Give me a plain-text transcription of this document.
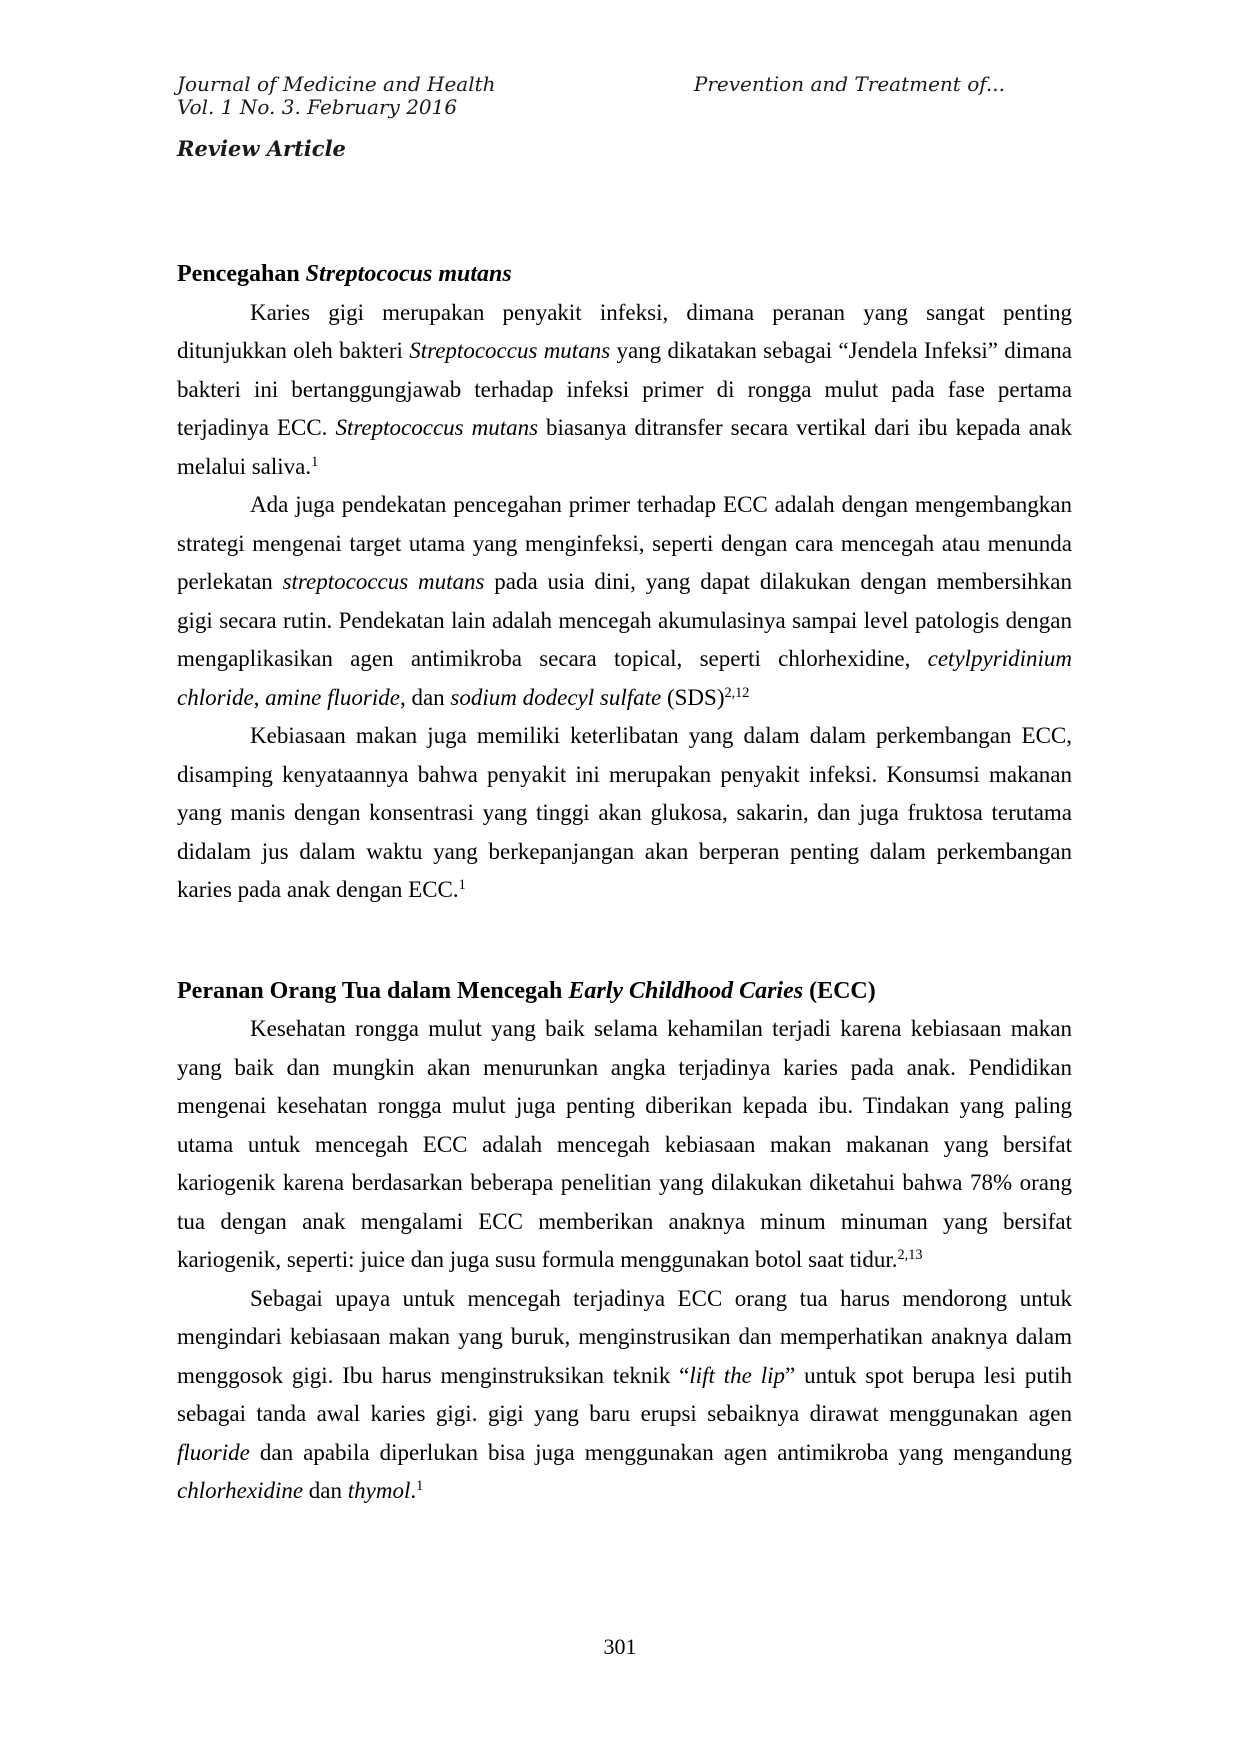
Journal of Medicine and Health
Vol. 1 No. 3. February 2016
Prevention and Treatment of...
Review Article
Pencegahan Streptococus mutans

Karies gigi merupakan penyakit infeksi, dimana peranan yang sangat penting ditunjukkan oleh bakteri Streptococcus mutans yang dikatakan sebagai “Jendela Infeksi” dimana bakteri ini bertanggungjawab terhadap infeksi primer di rongga mulut pada fase pertama terjadinya ECC. Streptococcus mutans biasanya ditransfer secara vertikal dari ibu kepada anak melalui saliva.$^1$

Ada juga pendekatan pencegahan primer terhadap ECC adalah dengan mengembangkan strategi mengenai target utama yang menginfeksi, seperti dengan cara mencegah atau menunda perlekatan streptococcus mutans pada usia dini, yang dapat dilakukan dengan membersihkan gigi secara rutin. Pendekatan lain adalah mencegah akumulasinya sampai level patologis dengan mengaplikasikan agen antimikroba secara topical, seperti chlorhexidine, cetylpyridinium chloride, amine fluoride, dan sodium dodecyl sulfate (SDS)$^{2,12}$

Kebiasaan makan juga memiliki keterlibatan yang dalam dalam perkembangan ECC, disamping kenyataannya bahwa penyakit ini merupakan penyakit infeksi. Konsumsi makanan yang manis dengan konsentrasi yang tinggi akan glukosa, sakarin, dan juga fruktosa terutama didalam jus dalam waktu yang berkepanjangan akan berperan penting dalam perkembangan karies pada anak dengan ECC.$^1$

Peranan Orang Tua dalam Mencegah Early Childhood Caries (ECC)

Kesehatan rongga mulut yang baik selama kehamilan terjadi karena kebiasaan makan yang baik dan mungkin akan menurunkan angka terjadinya karies pada anak. Pendidikan mengenai kesehatan rongga mulut juga penting diberikan kepada ibu. Tindakan yang paling utama untuk mencegah ECC adalah mencegah kebiasaan makan makanan yang bersifat kariogenik karena berdasarkan beberapa penelitian yang dilakukan diketahui bahwa 78% orang tua dengan anak mengalami ECC memberikan anaknya minum minuman yang bersifat kariogenik, seperti: juice dan juga susu formula menggunakan botol saat tidur.$^{2,13}$

Sebagai upaya untuk mencegah terjadinya ECC orang tua harus mendorong untuk mengindari kebiasaan makan yang buruk, menginstrusikan dan memperhatikan anaknya dalam menggosok gigi. Ibu harus menginstruksikan teknik “lift the lip” untuk spot berupa lesi putih sebagai tanda awal karies gigi. gigi yang baru erupsi sebaiknya dirawat menggunakan agen fluoride dan apabila diperlukan bisa juga menggunakan agen antimikroba yang mengandung chlorhexidine dan thymol.$^1$

301
